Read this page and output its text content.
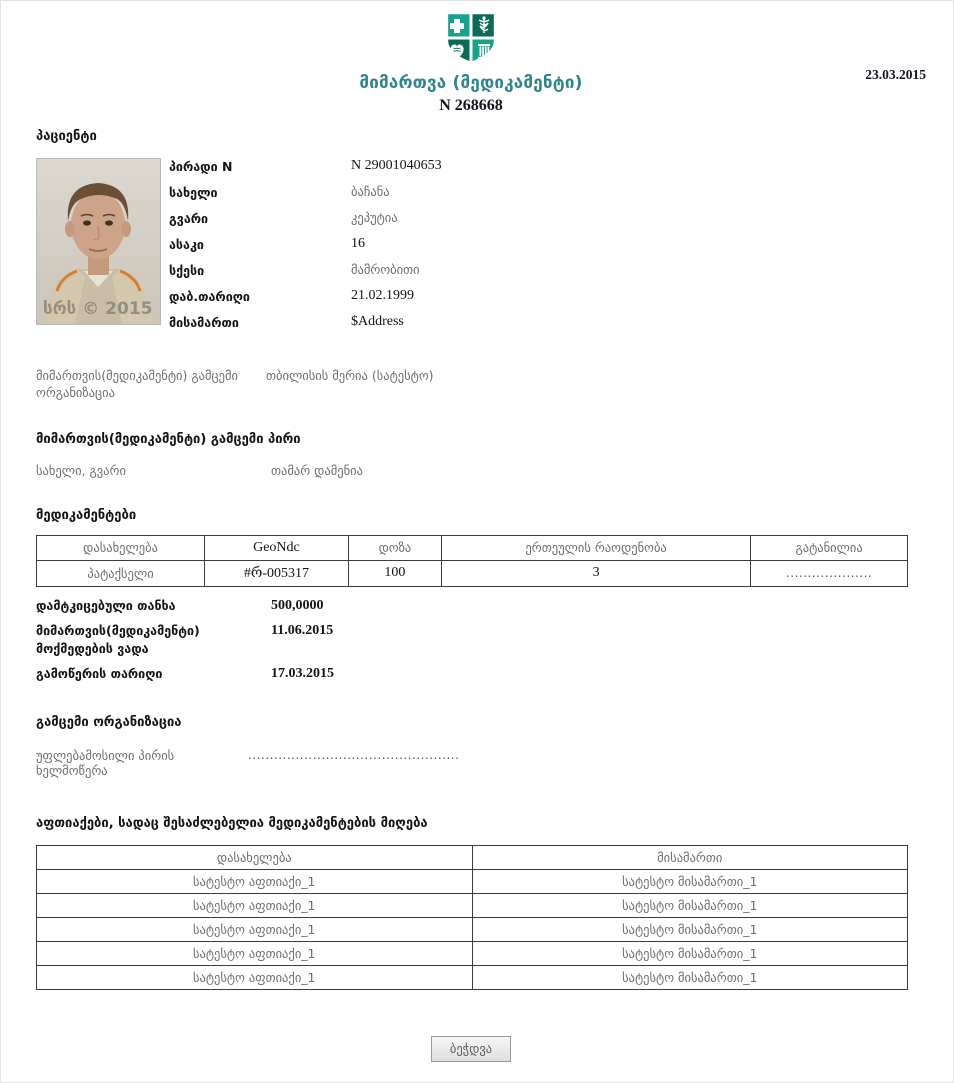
მიმართვა (მედიკამენტი)
N 268668
23.03.2015
პაციენტი
სრს © 2015
პირადი N	N 29001040653
სახელი	ბაჩანა
გვარი	კეპუტია
ასაკი	16
სქესი	მამრობითი
დაბ.თარიღი	21.02.1999
მისამართი	$Address
მიმართვის(მედიკამენტი) გამცემი ორგანიზაცია
თბილისის მერია (სატესტო)
მიმართვის(მედიკამენტი) გამცემი პირი
სახელი, გვარი	თამარ დამენია
მედიკამენტები
დასახელება	GeoNdc	დოზა	ერთეულის რაოდენობა	გატანილია
პატაქსელი	#რ-005317	100	3	....................
დამტკიცებული თანხა	500,0000
მიმართვის(მედიკამენტი) მოქმედების ვადა
11.06.2015
გამოწერის თარიღი	17.03.2015
გამცემი ორგანიზაცია
უფლებამოსილი პირის ხელმოწერა
.................................................
აფთიაქები, სადაც შესაძლებელია მედიკამენტების მიღება
დასახელება	მისამართი
სატესტო აფთიაქი_1	სატესტო მისამართი_1
სატესტო აფთიაქი_1	სატესტო მისამართი_1
სატესტო აფთიაქი_1	სატესტო მისამართი_1
სატესტო აფთიაქი_1	სატესტო მისამართი_1
სატესტო აფთიაქი_1	სატესტო მისამართი_1
ბეჭდვა
